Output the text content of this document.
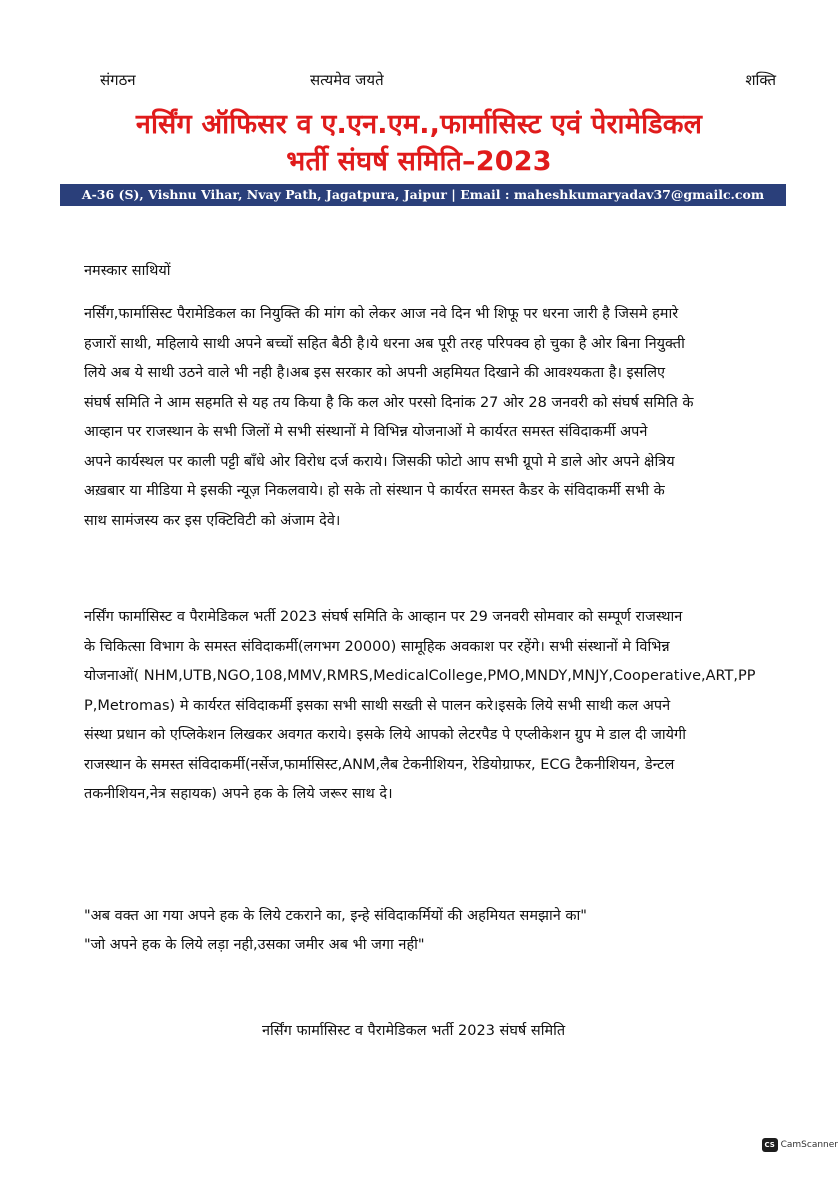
संगठन	सत्यमेव जयते	शक्ति
नर्सिंग ऑफिसर व ए.एन.एम.,फार्मासिस्ट एवं पेरामेडिकल
भर्ती संघर्ष समिति–2023
A-36 (S), Vishnu Vihar, Nvay Path, Jagatpura, Jaipur | Email : maheshkumaryadav37@gmailc.com
नमस्कार साथियों
नर्सिंग,फार्मासिस्ट पैरामेडिकल का नियुक्ति की मांग को लेकर आज नवे दिन भी शिफू पर धरना जारी है जिसमे हमारे
हजारों साथी, महिलाये साथी अपने बच्चों सहित बैठी है।ये धरना अब पूरी तरह परिपक्व हो चुका है ओर बिना नियुक्ती
लिये अब ये साथी उठने वाले भी नही है।अब इस सरकार को अपनी अहमियत दिखाने की आवश्यकता है। इसलिए
संघर्ष समिति ने आम सहमति से यह तय किया है कि कल ओर परसो दिनांक 27 ओर 28 जनवरी को संघर्ष समिति के
आव्हान पर राजस्थान के सभी जिलों मे सभी संस्थानों मे विभिन्न योजनाओं मे कार्यरत समस्त संविदाकर्मी अपने
अपने कार्यस्थल पर काली पट्टी बाँधे ओर विरोध दर्ज कराये। जिसकी फोटो आप सभी ग्रूपो मे डाले ओर अपने क्षेत्रिय
अख़बार या मीडिया मे इसकी न्यूज़ निकलवाये। हो सके तो संस्थान पे कार्यरत समस्त कैडर के संविदाकर्मी सभी के
साथ सामंजस्य कर इस एक्टिविटी को अंजाम देवे।
नर्सिंग फार्मासिस्ट व पैरामेडिकल भर्ती 2023 संघर्ष समिति के आव्हान पर 29 जनवरी सोमवार को सम्पूर्ण राजस्थान
के चिकित्सा विभाग के समस्त संविदाकर्मी(लगभग 20000) सामूहिक अवकाश पर रहेंगे। सभी संस्थानों मे विभिन्न
योजनाओं( NHM,UTB,NGO,108,MMV,RMRS,MedicalCollege,PMO,MNDY,MNJY,Cooperative,ART,PP
P,Metromas) मे कार्यरत संविदाकर्मी इसका सभी साथी सख्ती से पालन करे।इसके लिये सभी साथी कल अपने
संस्था प्रधान को एप्लिकेशन लिखकर अवगत कराये। इसके लिये आपको लेटरपैड पे एप्लीकेशन ग्रुप मे डाल दी जायेगी
राजस्थान के समस्त संविदाकर्मी(नर्सेज,फार्मासिस्ट,ANM,लैब टेकनीशियन, रेडियोग्राफर, ECG टैकनीशियन, डेन्टल
तकनीशियन,नेत्र सहायक) अपने हक के लिये जरूर साथ दे।
"अब वक्त आ गया अपने हक के लिये टकराने का, इन्हे संविदाकर्मियों की अहमियत समझाने का"
"जो अपने हक के लिये लड़ा नही,उसका जमीर अब भी जगा नही"
नर्सिंग फार्मासिस्ट व पैरामेडिकल भर्ती 2023 संघर्ष समिति
CS CamScanner
